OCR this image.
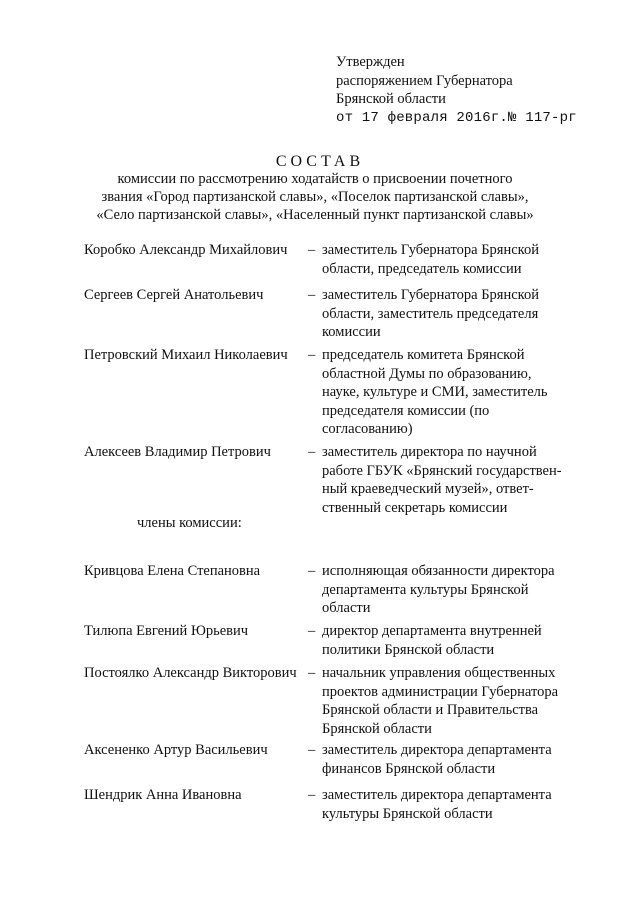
Утвержден
распоряжением Губернатора
Брянской области
от 17 февраля 2016г.№ 117-рг
СОСТАВ
комиссии по рассмотрению ходатайств о присвоении почетного
звания «Город партизанской славы», «Поселок партизанской славы»,
«Село партизанской славы», «Населенный пункт партизанской славы»
Коробко Александр Михайлович – заместитель Губернатора Брянской области, председатель комиссии
Сергеев Сергей Анатольевич	– заместитель Губернатора Брянской области, заместитель председателя комиссии
Петровский Михаил Николаевич – председатель комитета Брянской областной Думы по образованию, науке, культуре и СМИ, заместитель председателя комиссии (по согласованию)
Алексеев Владимир Петрович	– заместитель директора по научной работе ГБУК «Брянский государствен-ный краеведческий музей», ответ-ственный секретарь комиссии
члены комиссии:
Кривцова Елена Степановна	– исполняющая обязанности директора департамента культуры Брянской области
Тилюпа Евгений Юрьевич	– директор департамента внутренней политики Брянской области
Постоялко Александр Викторович – начальник управления общественных проектов администрации Губернатора Брянской области и Правительства Брянской области
Аксененко Артур Васильевич	– заместитель директора департамента финансов Брянской области
Шендрик Анна Ивановна	– заместитель директора департамента культуры Брянской области
